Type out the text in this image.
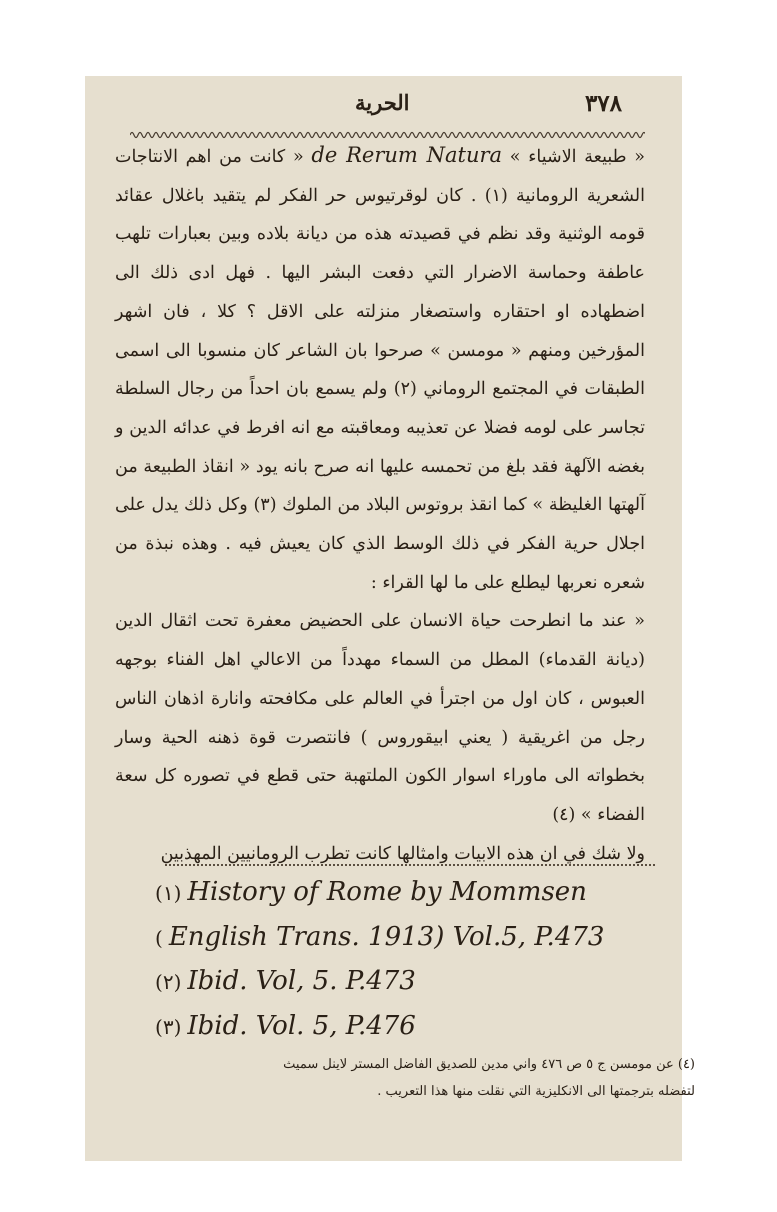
٣٧٨
الحرية

« طبيعة الاشياء » de Rerum Natura « كانت من اهم الانتاجات الشعرية الرومانية (١) . كان لوقرتيوس حر الفكر لم يتقيد باغلال عقائد قومه الوثنية وقد نظم في قصيدته هذه من ديانة بلاده وبين بعبارات تلهب عاطفة وحماسة الاضرار التي دفعت البشر اليها . فهل ادى ذلك الى اضطهاده او احتقاره واستصغار منزلته على الاقل ؟ كلا ، فان اشهر المؤرخين ومنهم « مومسن » صرحوا بان الشاعر كان منسوبا الى اسمى الطبقات في المجتمع الروماني (٢) ولم يسمع بان احداً من رجال السلطة تجاسر على لومه فضلا عن تعذيبه ومعاقبته مع انه افرط في عدائه الدين و بغضه الآلهة فقد بلغ من تحمسه عليها انه صرح بانه يود « انقاذ الطبيعة من آلهتها الغليظة » كما انقذ بروتوس البلاد من الملوك (٣) وكل ذلك يدل على اجلال حرية الفكر في ذلك الوسط الذي كان يعيش فيه . وهذه نبذة من شعره نعربها ليطلع على ما لها القراء :

« عند ما انطرحت حياة الانسان على الحضيض معفرة تحت اثقال الدين (ديانة القدماء) المطل من السماء مهدداً من الاعالي اهل الفناء بوجهه العبوس ، كان اول من اجترأ في العالم على مكافحته وانارة اذهان الناس رجل من اغريقية ( يعني ابيقوروس ) فانتصرت قوة ذهنه الحية وسار بخطواته الى ماوراء اسوار الكون الملتهبة حتى قطع في تصوره كل سعة الفضاء » (٤)

ولا شك في ان هذه الابيات وامثالها كانت تطرب الرومانيين المهذبين

(١) History of Rome by Mommsen
( English Trans. 1913) Vol.5, P.473
(٢) Ibid. Vol, 5. P.473
(٣) Ibid. Vol. 5, P.476

(٤) عن مومسن ج ٥ ص ٤٧٦ واني مدين للصديق الفاضل المستر لاينل سميث

لتفضله بترجمتها الى الانكليزية التي نقلت منها هذا التعريب .
